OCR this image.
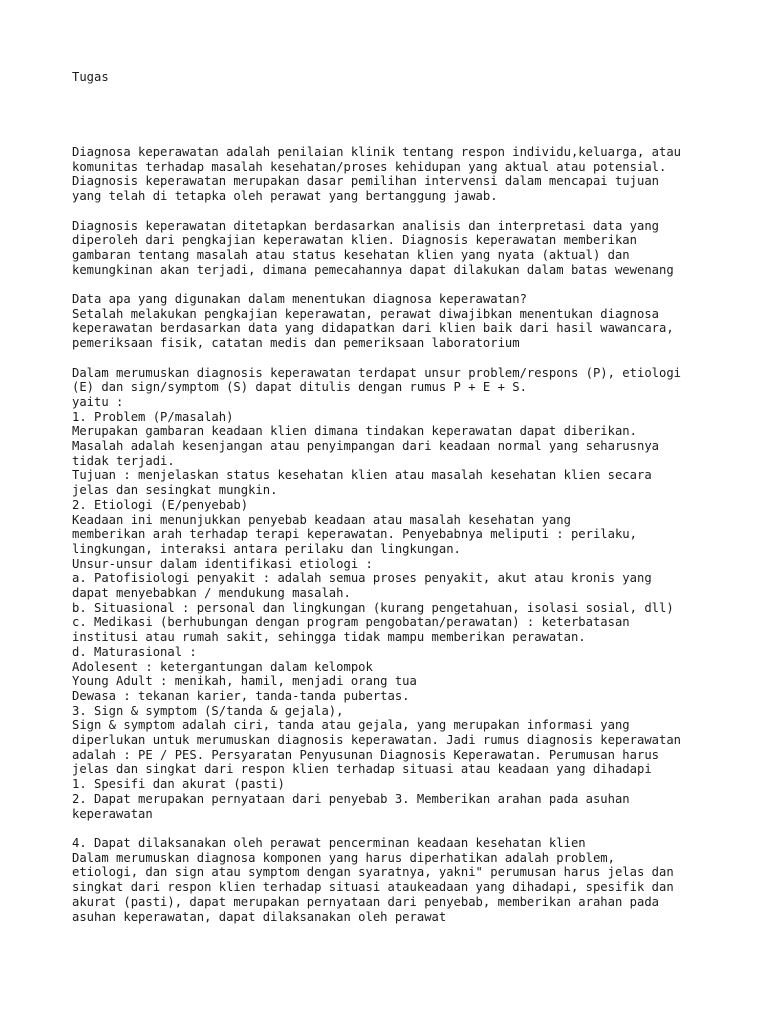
Tugas

Diagnosa keperawatan adalah penilaian klinik tentang respon individu,keluarga, atau
komunitas terhadap masalah kesehatan/proses kehidupan yang aktual atau potensial.
Diagnosis keperawatan merupakan dasar pemilihan intervensi dalam mencapai tujuan
yang telah di tetapka oleh perawat yang bertanggung jawab.

Diagnosis keperawatan ditetapkan berdasarkan analisis dan interpretasi data yang
diperoleh dari pengkajian keperawatan klien. Diagnosis keperawatan memberikan
gambaran tentang masalah atau status kesehatan klien yang nyata (aktual) dan
kemungkinan akan terjadi, dimana pemecahannya dapat dilakukan dalam batas wewenang

Data apa yang digunakan dalam menentukan diagnosa keperawatan?
Setalah melakukan pengkajian keperawatan, perawat diwajibkan menentukan diagnosa
keperawatan berdasarkan data yang didapatkan dari klien baik dari hasil wawancara,
pemeriksaan fisik, catatan medis dan pemeriksaan laboratorium

Dalam merumuskan diagnosis keperawatan terdapat unsur problem/respons (P), etiologi
(E) dan sign/symptom (S) dapat ditulis dengan rumus P + E + S.
yaitu :
1. Problem (P/masalah)
Merupakan gambaran keadaan klien dimana tindakan keperawatan dapat diberikan.
Masalah adalah kesenjangan atau penyimpangan dari keadaan normal yang seharusnya
tidak terjadi.
Tujuan : menjelaskan status kesehatan klien atau masalah kesehatan klien secara
jelas dan sesingkat mungkin.
2. Etiologi (E/penyebab)
Keadaan ini menunjukkan penyebab keadaan atau masalah kesehatan yang
memberikan arah terhadap terapi keperawatan. Penyebabnya meliputi : perilaku,
lingkungan, interaksi antara perilaku dan lingkungan.
Unsur-unsur dalam identifikasi etiologi :
a. Patofisiologi penyakit : adalah semua proses penyakit, akut atau kronis yang
dapat menyebabkan / mendukung masalah.
b. Situasional : personal dan lingkungan (kurang pengetahuan, isolasi sosial, dll)
c. Medikasi (berhubungan dengan program pengobatan/perawatan) : keterbatasan
institusi atau rumah sakit, sehingga tidak mampu memberikan perawatan.
d. Maturasional :
Adolesent : ketergantungan dalam kelompok
Young Adult : menikah, hamil, menjadi orang tua
Dewasa : tekanan karier, tanda-tanda pubertas.
3. Sign & symptom (S/tanda & gejala),
Sign & symptom adalah ciri, tanda atau gejala, yang merupakan informasi yang
diperlukan untuk merumuskan diagnosis keperawatan. Jadi rumus diagnosis keperawatan
adalah : PE / PES. Persyaratan Penyusunan Diagnosis Keperawatan. Perumusan harus
jelas dan singkat dari respon klien terhadap situasi atau keadaan yang dihadapi
1. Spesifi dan akurat (pasti)
2. Dapat merupakan pernyataan dari penyebab 3. Memberikan arahan pada asuhan
keperawatan

4. Dapat dilaksanakan oleh perawat pencerminan keadaan kesehatan klien
Dalam merumuskan diagnosa komponen yang harus diperhatikan adalah problem,
etiologi, dan sign atau symptom dengan syaratnya, yakni" perumusan harus jelas dan
singkat dari respon klien terhadap situasi ataukeadaan yang dihadapi, spesifik dan
akurat (pasti), dapat merupakan pernyataan dari penyebab, memberikan arahan pada
asuhan keperawatan, dapat dilaksanakan oleh perawat
